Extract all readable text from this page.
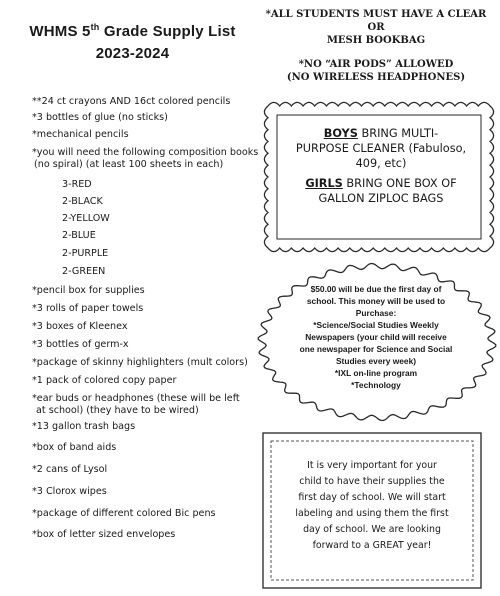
WHMS 5th Grade Supply List
2023-2024
*ALL STUDENTS MUST HAVE A CLEAR OR
MESH BOOKBAG
*NO “AIR PODS” ALLOWED
(NO WIRELESS HEADPHONES)
**24 ct crayons AND 16ct colored pencils
*3 bottles of glue (no sticks)
*mechanical pencils
*you will need the following composition books
(no spiral) (at least 100 sheets in each)
3-RED
2-BLACK
2-YELLOW
2-BLUE
2-PURPLE
2-GREEN
*pencil box for supplies
*3 rolls of paper towels
*3 boxes of Kleenex
*3 bottles of germ-x
*package of skinny highlighters (mult colors)
*1 pack of colored copy paper
*ear buds or headphones (these will be left
at school) (they have to be wired)
*13 gallon trash bags
*box of band aids
*2 cans of Lysol
*3 Clorox wipes
*package of different colored Bic pens
*box of letter sized envelopes
BOYS BRING MULTI-
PURPOSE CLEANER (Fabuloso,
409, etc)
GIRLS BRING ONE BOX OF
GALLON ZIPLOC BAGS
$50.00 will be due the first day of
school. This money will be used to
Purchase:
*Science/Social Studies Weekly
Newspapers (your child will receive
one newspaper for Science and Social
Studies every week)
*IXL on-line program
*Technology
It is very important for your
child to have their supplies the
first day of school. We will start
labeling and using them the first
day of school. We are looking
forward to a GREAT year!
